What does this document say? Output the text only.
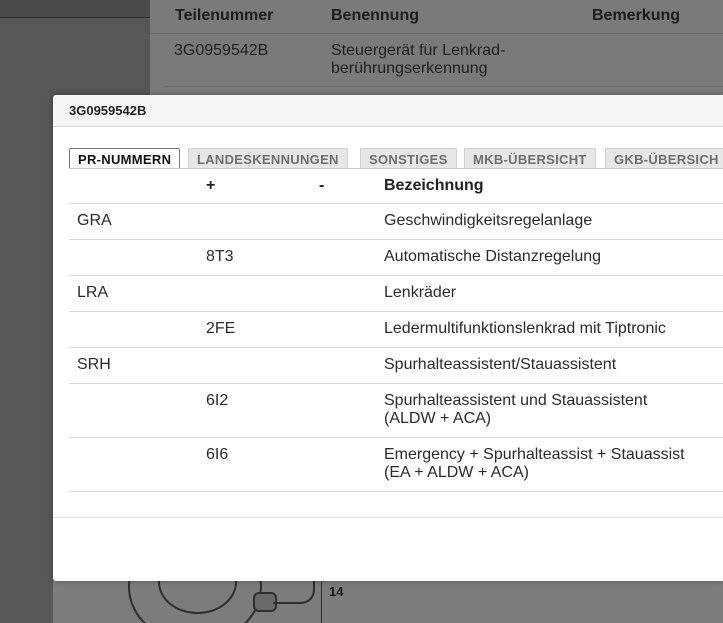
Teilenummer	Benennung	Bemerkung
3G0959542B	Steuergerät für Lenkrad-
berührungserkennung
14
3G0959542B
PR-NUMMERN	LANDESKENNUNGEN	SONSTIGES	MKB-ÜBERSICHT	GKB-ÜBERSICH
	+	-	Bezeichnung
GRA			Geschwindigkeitsregelanlage
	8T3		Automatische Distanzregelung
LRA			Lenkräder
	2FE		Ledermultifunktionslenkrad mit Tiptronic
SRH			Spurhalteassistent/Stauassistent
	6I2		Spurhalteassistent und Stauassistent
(ALDW + ACA)
	6I6		Emergency + Spurhalteassist + Stauassist
(EA + ALDW + ACA)
